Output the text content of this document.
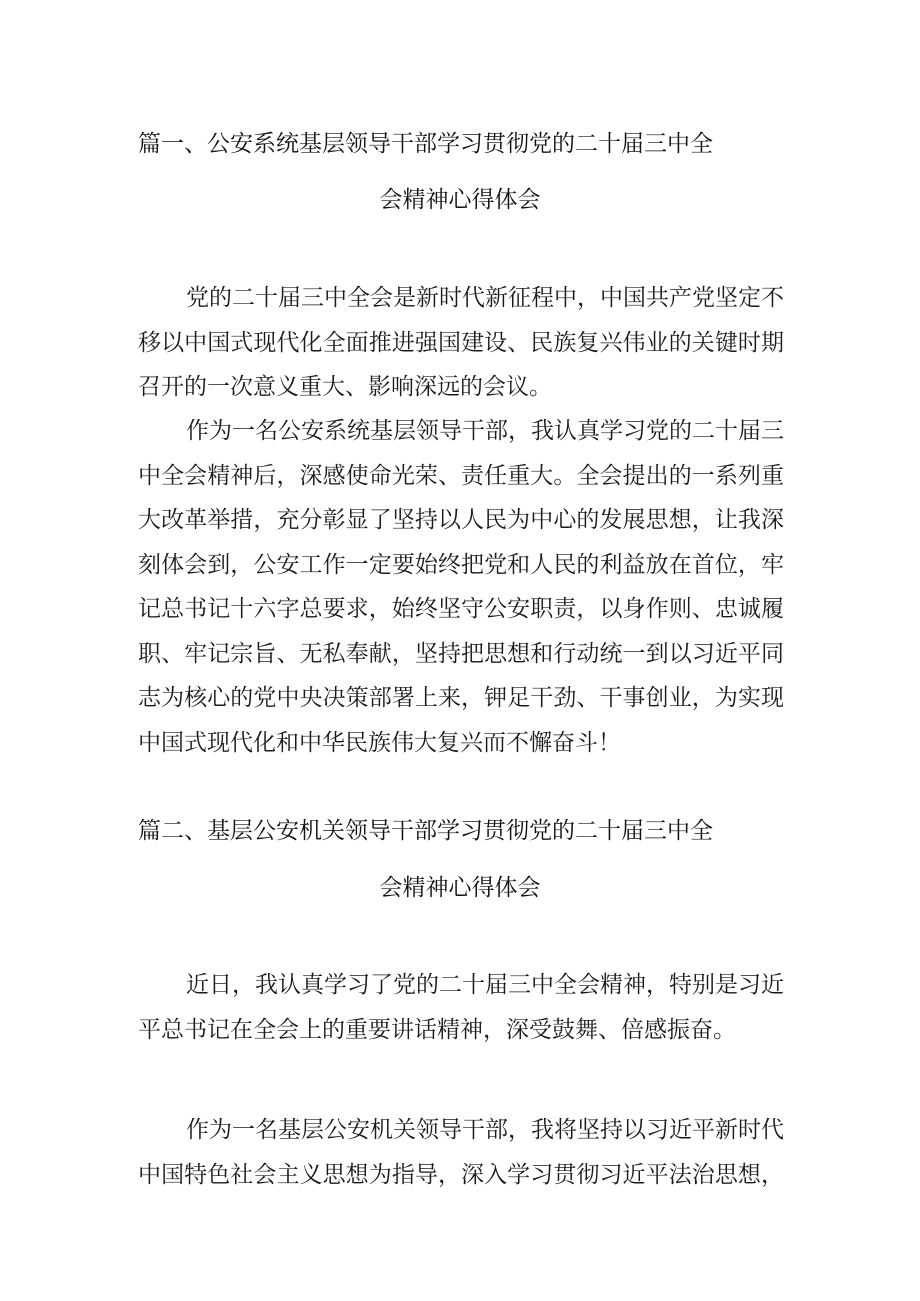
篇一、公安系统基层领导干部学习贯彻党的二十届三中全
会精神心得体会
党的二十届三中全会是新时代新征程中，中国共产党坚定不
移以中国式现代化全面推进强国建设、民族复兴伟业的关键时期
召开的一次意义重大、影响深远的会议。
作为一名公安系统基层领导干部，我认真学习党的二十届三
中全会精神后，深感使命光荣、责任重大。全会提出的一系列重
大改革举措，充分彰显了坚持以人民为中心的发展思想，让我深
刻体会到，公安工作一定要始终把党和人民的利益放在首位，牢
记总书记十六字总要求，始终坚守公安职责，以身作则、忠诚履
职、牢记宗旨、无私奉献，坚持把思想和行动统一到以习近平同
志为核心的党中央决策部署上来，钾足干劲、干事创业，为实现
中国式现代化和中华民族伟大复兴而不懈奋斗！
篇二、基层公安机关领导干部学习贯彻党的二十届三中全
会精神心得体会
近日，我认真学习了党的二十届三中全会精神，特别是习近
平总书记在全会上的重要讲话精神，深受鼓舞、倍感振奋。
作为一名基层公安机关领导干部，我将坚持以习近平新时代
中国特色社会主义思想为指导，深入学习贯彻习近平法治思想，
